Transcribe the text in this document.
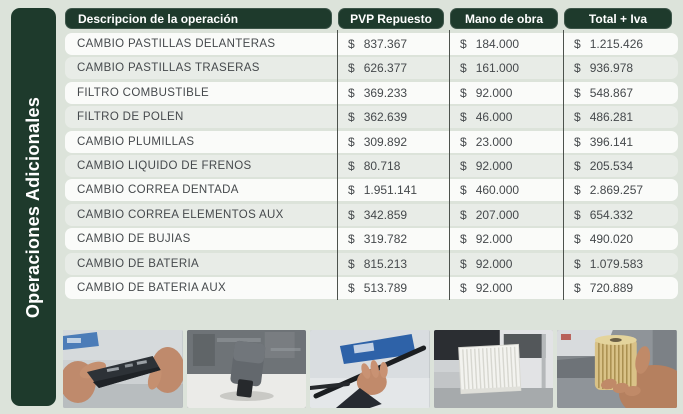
Operaciones Adicionales
Descripcion de la operación	PVP Repuesto	Mano de obra	Total + Iva
CAMBIO PASTILLAS DELANTERAS	$ 837.367	$ 184.000	$ 1.215.426
CAMBIO PASTILLAS TRASERAS	$ 626.377	$ 161.000	$ 936.978
FILTRO COMBUSTIBLE	$ 369.233	$ 92.000	$ 548.867
FILTRO DE POLEN	$ 362.639	$ 46.000	$ 486.281
CAMBIO PLUMILLAS	$ 309.892	$ 23.000	$ 396.141
CAMBIO LIQUIDO DE FRENOS	$ 80.718	$ 92.000	$ 205.534
CAMBIO CORREA DENTADA	$ 1.951.141	$ 460.000	$ 2.869.257
CAMBIO CORREA ELEMENTOS AUX	$ 342.859	$ 207.000	$ 654.332
CAMBIO DE BUJIAS	$ 319.782	$ 92.000	$ 490.020
CAMBIO DE BATERIA	$ 815.213	$ 92.000	$ 1.079.583
CAMBIO DE BATERIA AUX	$ 513.789	$ 92.000	$ 720.889
